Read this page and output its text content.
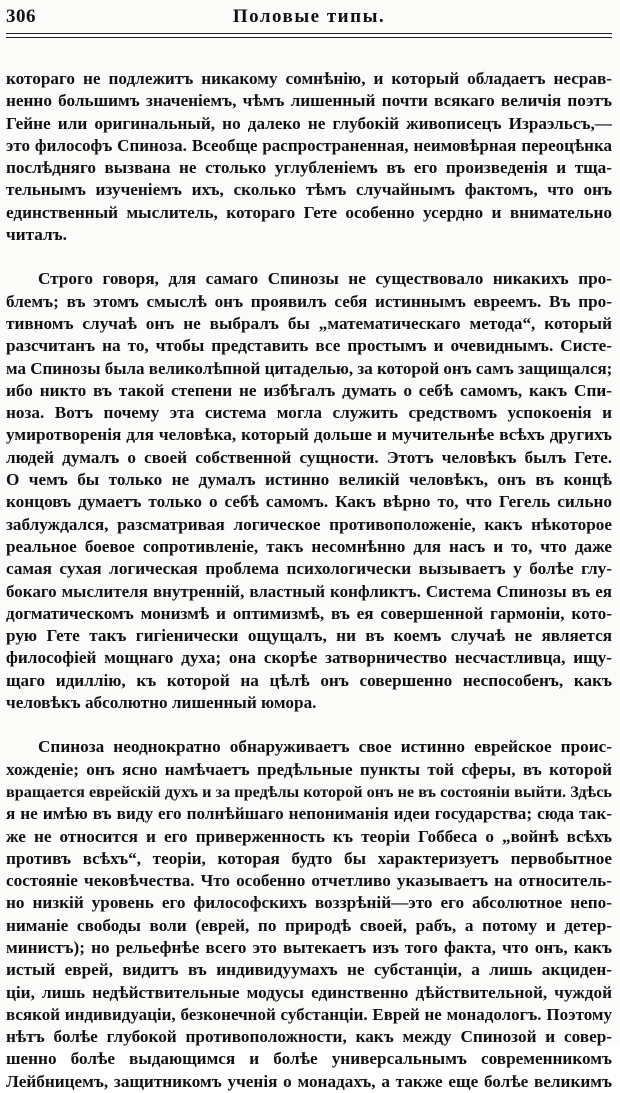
306	Половые типы.
котораго не подлежитъ никакому сомнѣнію, и который обладаетъ несрав-
ненно большимъ значеніемъ, чѣмъ лишенный почти всякаго величія поэтъ
Гейне или оригинальный, но далеко не глубокій живописецъ Израэльсъ,—
это философъ Спиноза. Всеобще распространенная, неимовѣрная переоцѣнка
послѣдняго вызвана не столько углубленіемъ въ его произведенія и тща-
тельнымъ изученіемъ ихъ, сколько тѣмъ случайнымъ фактомъ, что онъ
единственный мыслитель, котораго Гете особенно усердно и внимательно
читалъ.
Строго говоря, для самаго Спинозы не существовало никакихъ про-
блемъ; въ этомъ смыслѣ онъ проявилъ себя истиннымъ евреемъ. Въ про-
тивномъ случаѣ онъ не выбралъ бы „математическаго метода“, который
разсчитанъ на то, чтобы представить все простымъ и очевиднымъ. Систе-
ма Спинозы была великолѣпной цитаделью, за которой онъ самъ защищался;
ибо никто въ такой степени не избѣгалъ думать о себѣ самомъ, какъ Спи-
ноза. Вотъ почему эта система могла служить средствомъ успокоенія и
умиротворенія для человѣка, который дольше и мучительнѣе всѣхъ другихъ
людей думалъ о своей собственной сущности. Этотъ человѣкъ былъ Гете.
О чемъ бы только не думалъ истинно великій человѣкъ, онъ въ концѣ
концовъ думаетъ только о себѣ самомъ. Какъ вѣрно то, что Гегель сильно
заблуждался, разсматривая логическое противоположеніе, какъ нѣкоторое
реальное боевое сопротивленіе, такъ несомнѣнно для насъ и то, что даже
самая сухая логическая проблема психологически вызываетъ у болѣе глу-
бокаго мыслителя внутренній, властный конфликтъ. Система Спинозы въ ея
догматическомъ монизмѣ и оптимизмѣ, въ ея совершенной гармоніи, кото-
рую Гете такъ гигіенически ощущалъ, ни въ коемъ случаѣ не является
философіей мощнаго духа; она скорѣе затворничество несчастливца, ищу-
щаго идиллію, къ которой на цѣлѣ онъ совершенно неспособенъ, какъ
человѣкъ абсолютно лишенный юмора.
Спиноза неоднократно обнаруживаетъ свое истинно еврейское проис-
хожденіе; онъ ясно намѣчаетъ предѣльные пункты той сферы, въ которой
вращается еврейскій духъ и за предѣлы которой онъ не въ состояніи выйти. Здѣсь
я не имѣю въ виду его полнѣйшаго непониманія идеи государства; сюда так-
же не относится и его приверженность къ теоріи Гоббеса о „войнѣ всѣхъ
противъ всѣхъ“, теоріи, которая будто бы характеризуетъ первобытное
состояніе чековѣчества. Что особенно отчетливо указываетъ на относитель-
но низкій уровень его философскихъ воззрѣній—это его абсолютное непо-
ниманіе свободы воли (еврей, по природѣ своей, рабъ, а потому и детер-
министъ); но рельефнѣе всего это вытекаетъ изъ того факта, что онъ, какъ
истый еврей, видитъ въ индивидуумахъ не субстанціи, а лишь акциден-
ціи, лишь недѣйствительные модусы единственно дѣйствительной, чуждой
всякой индивидуаціи, безконечной субстанціи. Еврей не монадологъ. Поэтому
нѣтъ болѣе глубокой противоположности, какъ между Спинозой и совер-
шенно болѣе выдающимся и болѣе универсальнымъ современникомъ
Лейбницемъ, защитникомъ ученія о монадахъ, а также еще болѣе великимъ
